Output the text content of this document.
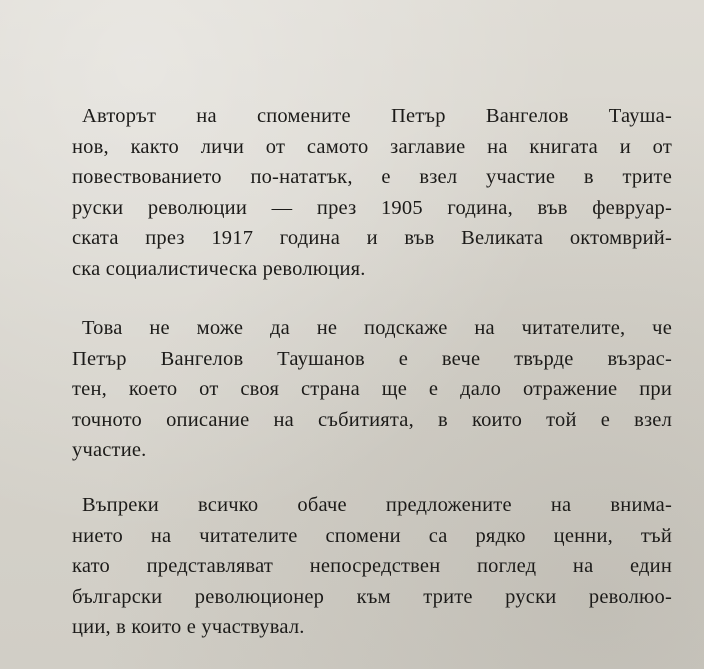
Авторът на спомените Петър Вангелов Тауша-
нов, както личи от самото заглавие на книгата и от
повествованието по-нататък, е взел участие в трите
руски революции — през 1905 година, във февруар-
ската през 1917 година и във Великата октомврий-
ска социалистическа революция.
Това не може да не подскаже на читателите, че
Петър Вангелов Таушанов е вече твърде възрас-
тен, което от своя страна ще е дало отражение при
точното описание на събитията, в които той е взел
участие.
Въпреки всичко обаче предложените на внима-
нието на читателите спомени са рядко ценни, тъй
като представляват непосредствен поглед на един
български революционер към трите руски революо-
ции, в които е участвувал.
